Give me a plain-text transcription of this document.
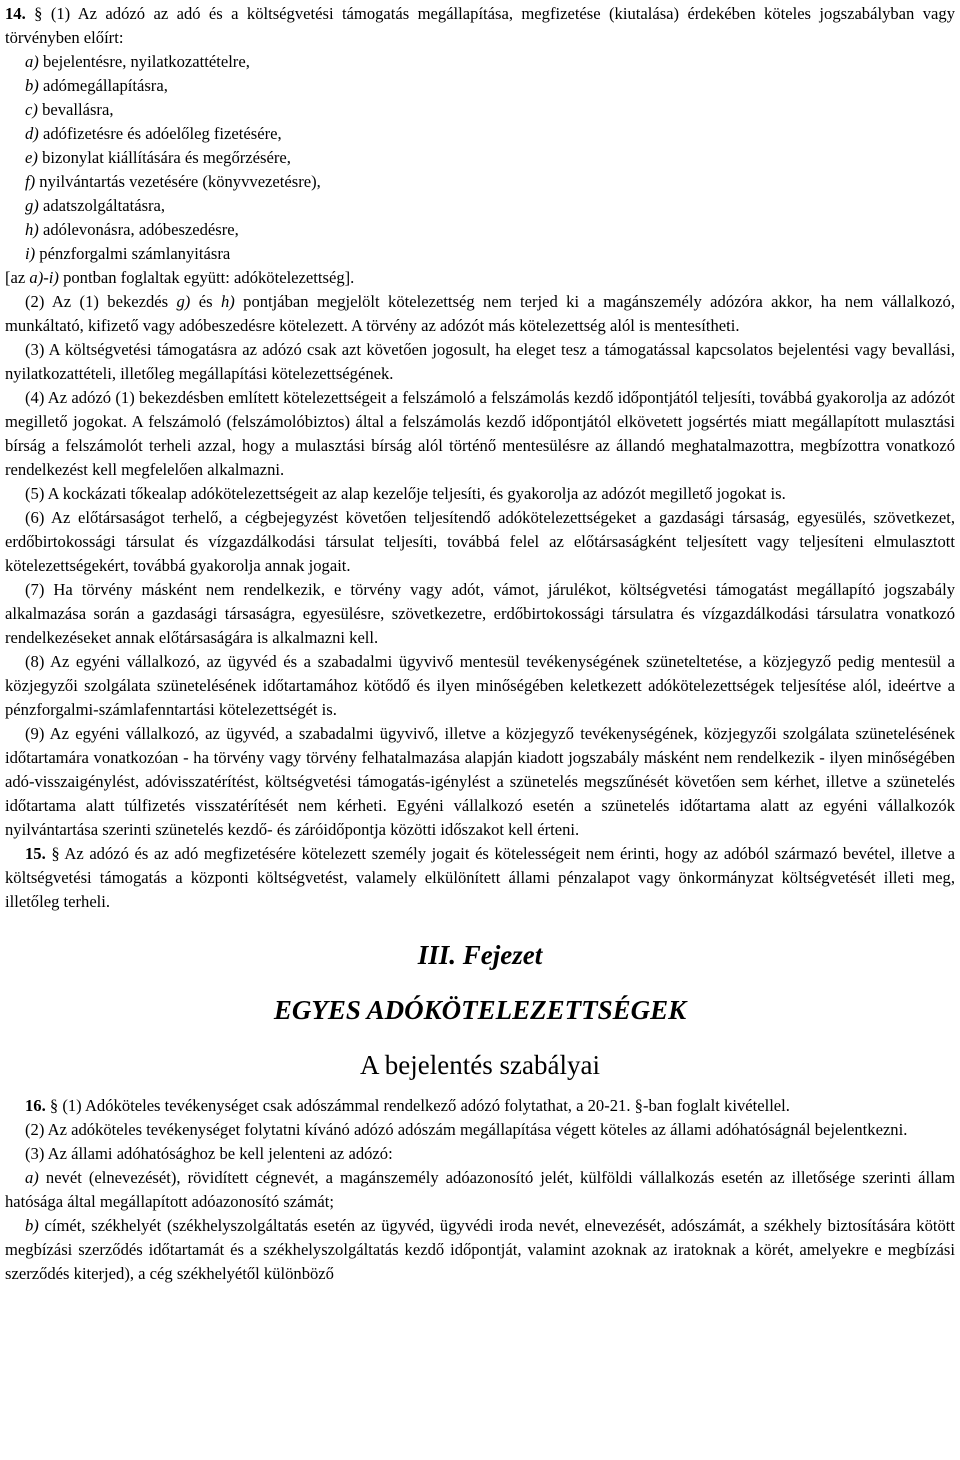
14. § (1) Az adózó az adó és a költségvetési támogatás megállapítása, megfizetése (kiutalása) érdekében köteles jogszabályban vagy törvényben előírt:

a) bejelentésre, nyilatkozattételre,

b) adómegállapításra,

c) bevallásra,

d) adófizetésre és adóelőleg fizetésére,

e) bizonylat kiállítására és megőrzésére,

f) nyilvántartás vezetésére (könyvvezetésre),

g) adatszolgáltatásra,

h) adólevonásra, adóbeszedésre,

i) pénzforgalmi számlanyitásra

[az a)-i) pontban foglaltak együtt: adókötelezettség].

(2) Az (1) bekezdés g) és h) pontjában megjelölt kötelezettség nem terjed ki a magánszemély adózóra akkor, ha nem vállalkozó, munkáltató, kifizető vagy adóbeszedésre kötelezett. A törvény az adózót más kötelezettség alól is mentesítheti.

(3) A költségvetési támogatásra az adózó csak azt követően jogosult, ha eleget tesz a támogatással kapcsolatos bejelentési vagy bevallási, nyilatkozattételi, illetőleg megállapítási kötelezettségének.

(4) Az adózó (1) bekezdésben említett kötelezettségeit a felszámoló a felszámolás kezdő időpontjától teljesíti, továbbá gyakorolja az adózót megillető jogokat. A felszámoló (felszámolóbiztos) által a felszámolás kezdő időpontjától elkövetett jogsértés miatt megállapított mulasztási bírság a felszámolót terheli azzal, hogy a mulasztási bírság alól történő mentesülésre az állandó meghatalmazottra, megbízottra vonatkozó rendelkezést kell megfelelően alkalmazni.

(5) A kockázati tőkealap adókötelezettségeit az alap kezelője teljesíti, és gyakorolja az adózót megillető jogokat is.

(6) Az előtársaságot terhelő, a cégbejegyzést követően teljesítendő adókötelezettségeket a gazdasági társaság, egyesülés, szövetkezet, erdőbirtokossági társulat és vízgazdálkodási társulat teljesíti, továbbá felel az előtársaságként teljesített vagy teljesíteni elmulasztott kötelezettségekért, továbbá gyakorolja annak jogait.

(7) Ha törvény másként nem rendelkezik, e törvény vagy adót, vámot, járulékot, költségvetési támogatást megállapító jogszabály alkalmazása során a gazdasági társaságra, egyesülésre, szövetkezetre, erdőbirtokossági társulatra és vízgazdálkodási társulatra vonatkozó rendelkezéseket annak előtársaságára is alkalmazni kell.

(8) Az egyéni vállalkozó, az ügyvéd és a szabadalmi ügyvivő mentesül tevékenységének szüneteltetése, a közjegyző pedig mentesül a közjegyzői szolgálata szünetelésének időtartamához kötődő és ilyen minőségében keletkezett adókötelezettségek teljesítése alól, ideértve a pénzforgalmi-számlafenntartási kötelezettségét is.

(9) Az egyéni vállalkozó, az ügyvéd, a szabadalmi ügyvivő, illetve a közjegyző tevékenységének, közjegyzői szolgálata szünetelésének időtartamára vonatkozóan - ha törvény vagy törvény felhatalmazása alapján kiadott jogszabály másként nem rendelkezik - ilyen minőségében adó-visszaigénylést, adóvisszatérítést, költségvetési támogatás-igénylést a szünetelés megszűnését követően sem kérhet, illetve a szünetelés időtartama alatt túlfizetés visszatérítését nem kérheti. Egyéni vállalkozó esetén a szünetelés időtartama alatt az egyéni vállalkozók nyilvántartása szerinti szünetelés kezdő- és záróidőpontja közötti időszakot kell érteni.

15. § Az adózó és az adó megfizetésére kötelezett személy jogait és kötelességeit nem érinti, hogy az adóból származó bevétel, illetve a költségvetési támogatás a központi költségvetést, valamely elkülönített állami pénzalapot vagy önkormányzat költségvetését illeti meg, illetőleg terheli.

III. Fejezet
EGYES ADÓKÖTELEZETTSÉGEK
A bejelentés szabályai

16. § (1) Adóköteles tevékenységet csak adószámmal rendelkező adózó folytathat, a 20-21. §-ban foglalt kivétellel.

(2) Az adóköteles tevékenységet folytatni kívánó adózó adószám megállapítása végett köteles az állami adóhatóságnál bejelentkezni.

(3) Az állami adóhatósághoz be kell jelenteni az adózó:

a) nevét (elnevezését), rövidített cégnevét, a magánszemély adóazonosító jelét, külföldi vállalkozás esetén az illetősége szerinti állam hatósága által megállapított adóazonosító számát;

b) címét, székhelyét (székhelyszolgáltatás esetén az ügyvéd, ügyvédi iroda nevét, elnevezését, adószámát, a székhely biztosítására kötött megbízási szerződés időtartamát és a székhelyszolgáltatás kezdő időpontját, valamint azoknak az iratoknak a körét, amelyekre e megbízási szerződés kiterjed), a cég székhelyétől különböző
